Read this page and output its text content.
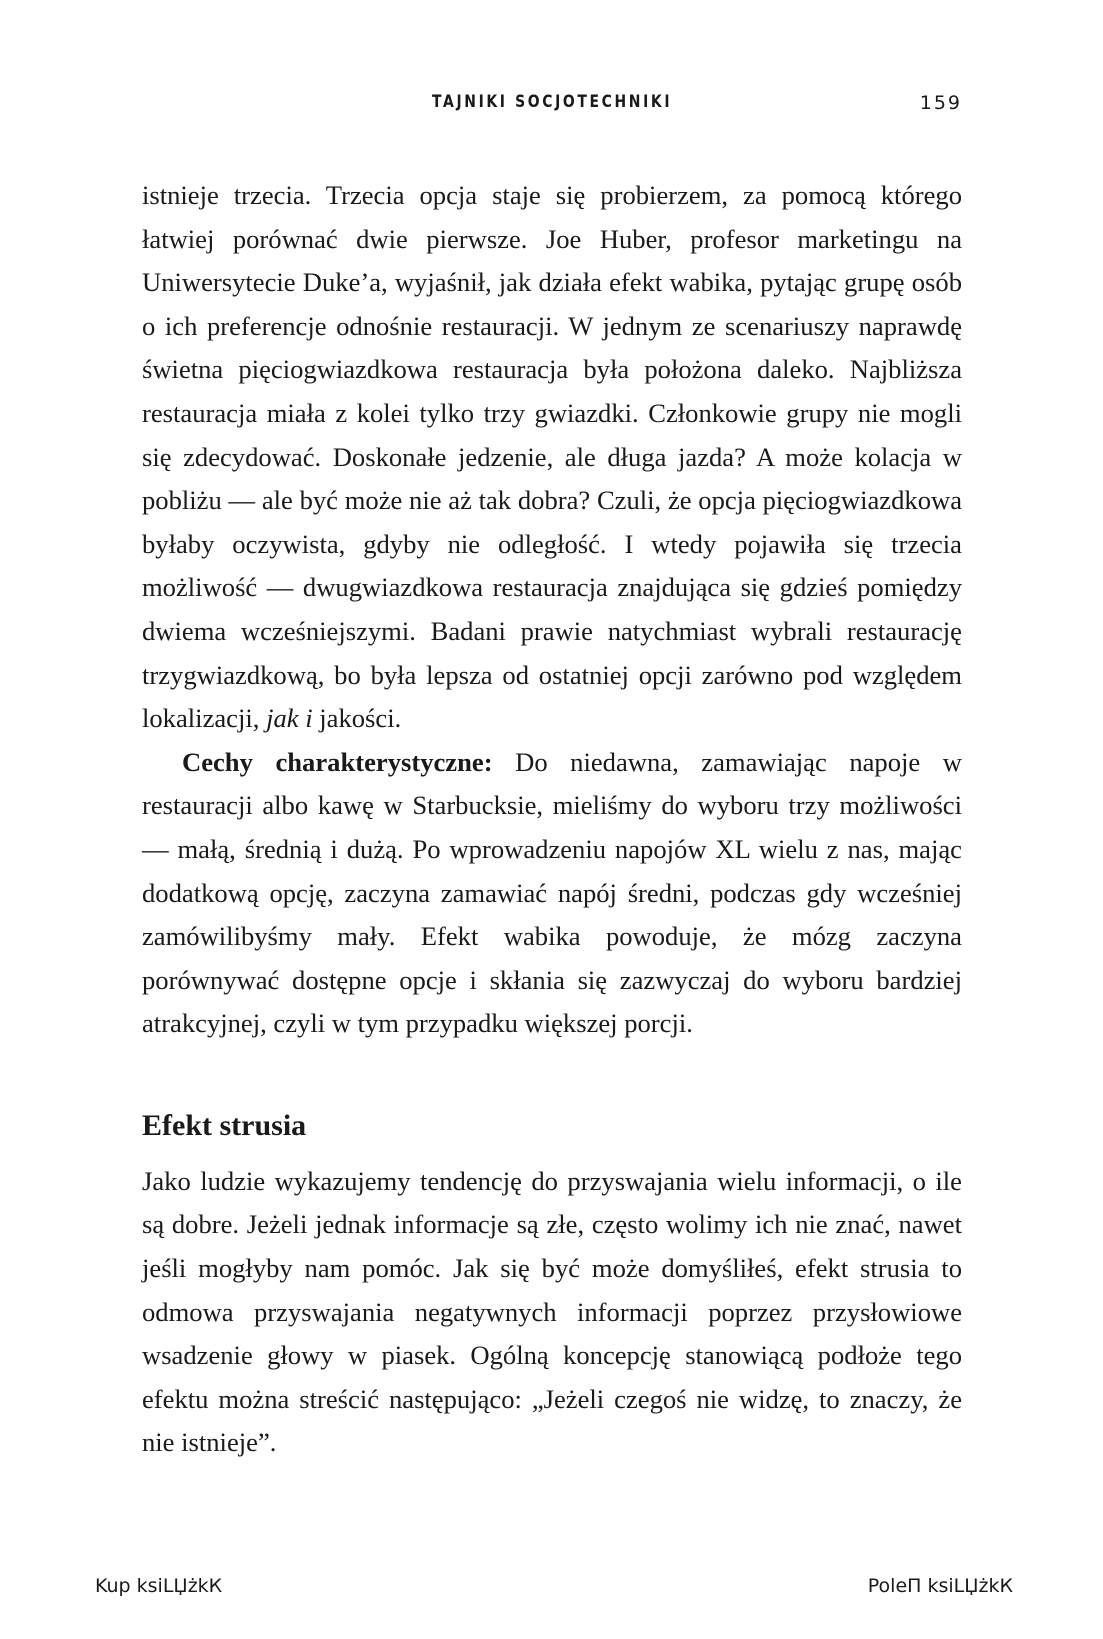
TAJNIKI SOCJOTECHNIKI	159

istnieje trzecia. Trzecia opcja staje się probierzem, za pomocą którego łatwiej porównać dwie pierwsze. Joe Huber, profesor marketingu na Uniwersytecie Duke’a, wyjaśnił, jak działa efekt wabika, pytając grupę osób o ich preferencje odnośnie restauracji. W jednym ze scenariuszy naprawdę świetna pięciogwiazdkowa restauracja była położona daleko. Najbliższa restauracja miała z kolei tylko trzy gwiazdki. Członkowie grupy nie mogli się zdecydować. Doskonałe jedzenie, ale długa jazda? A może kolacja w pobliżu — ale być może nie aż tak dobra? Czuli, że opcja pięciogwiazdkowa byłaby oczywista, gdyby nie odległość. I wtedy pojawiła się trzecia możliwość — dwugwiazdkowa restauracja znajdująca się gdzieś pomiędzy dwiema wcześniejszymi. Badani prawie natychmiast wybrali restaurację trzygwiazdkową, bo była lepsza od ostatniej opcji zarówno pod względem lokalizacji, jak i jakości.

Cechy charakterystyczne: Do niedawna, zamawiając napoje w restauracji albo kawę w Starbucksie, mieliśmy do wyboru trzy możliwości — małą, średnią i dużą. Po wprowadzeniu napojów XL wielu z nas, mając dodatkową opcję, zaczyna zamawiać napój średni, podczas gdy wcześniej zamówilibyśmy mały. Efekt wabika powoduje, że mózg zaczyna porównywać dostępne opcje i skłania się zazwyczaj do wyboru bardziej atrakcyjnej, czyli w tym przypadku większej porcji.

Efekt strusia

Jako ludzie wykazujemy tendencję do przyswajania wielu informacji, o ile są dobre. Jeżeli jednak informacje są złe, często wolimy ich nie znać, nawet jeśli mogłyby nam pomóc. Jak się być może domyśliłeś, efekt strusia to odmowa przyswajania negatywnych informacji poprzez przysłowiowe wsadzenie głowy w piasek. Ogólną koncepcję stanowiącą podłoże tego efektu można streścić następująco: „Jeżeli czegoś nie widzę, to znaczy, że nie istnieje”.

Kup ksiLЏżkК	PoleП ksiLЏżkК
